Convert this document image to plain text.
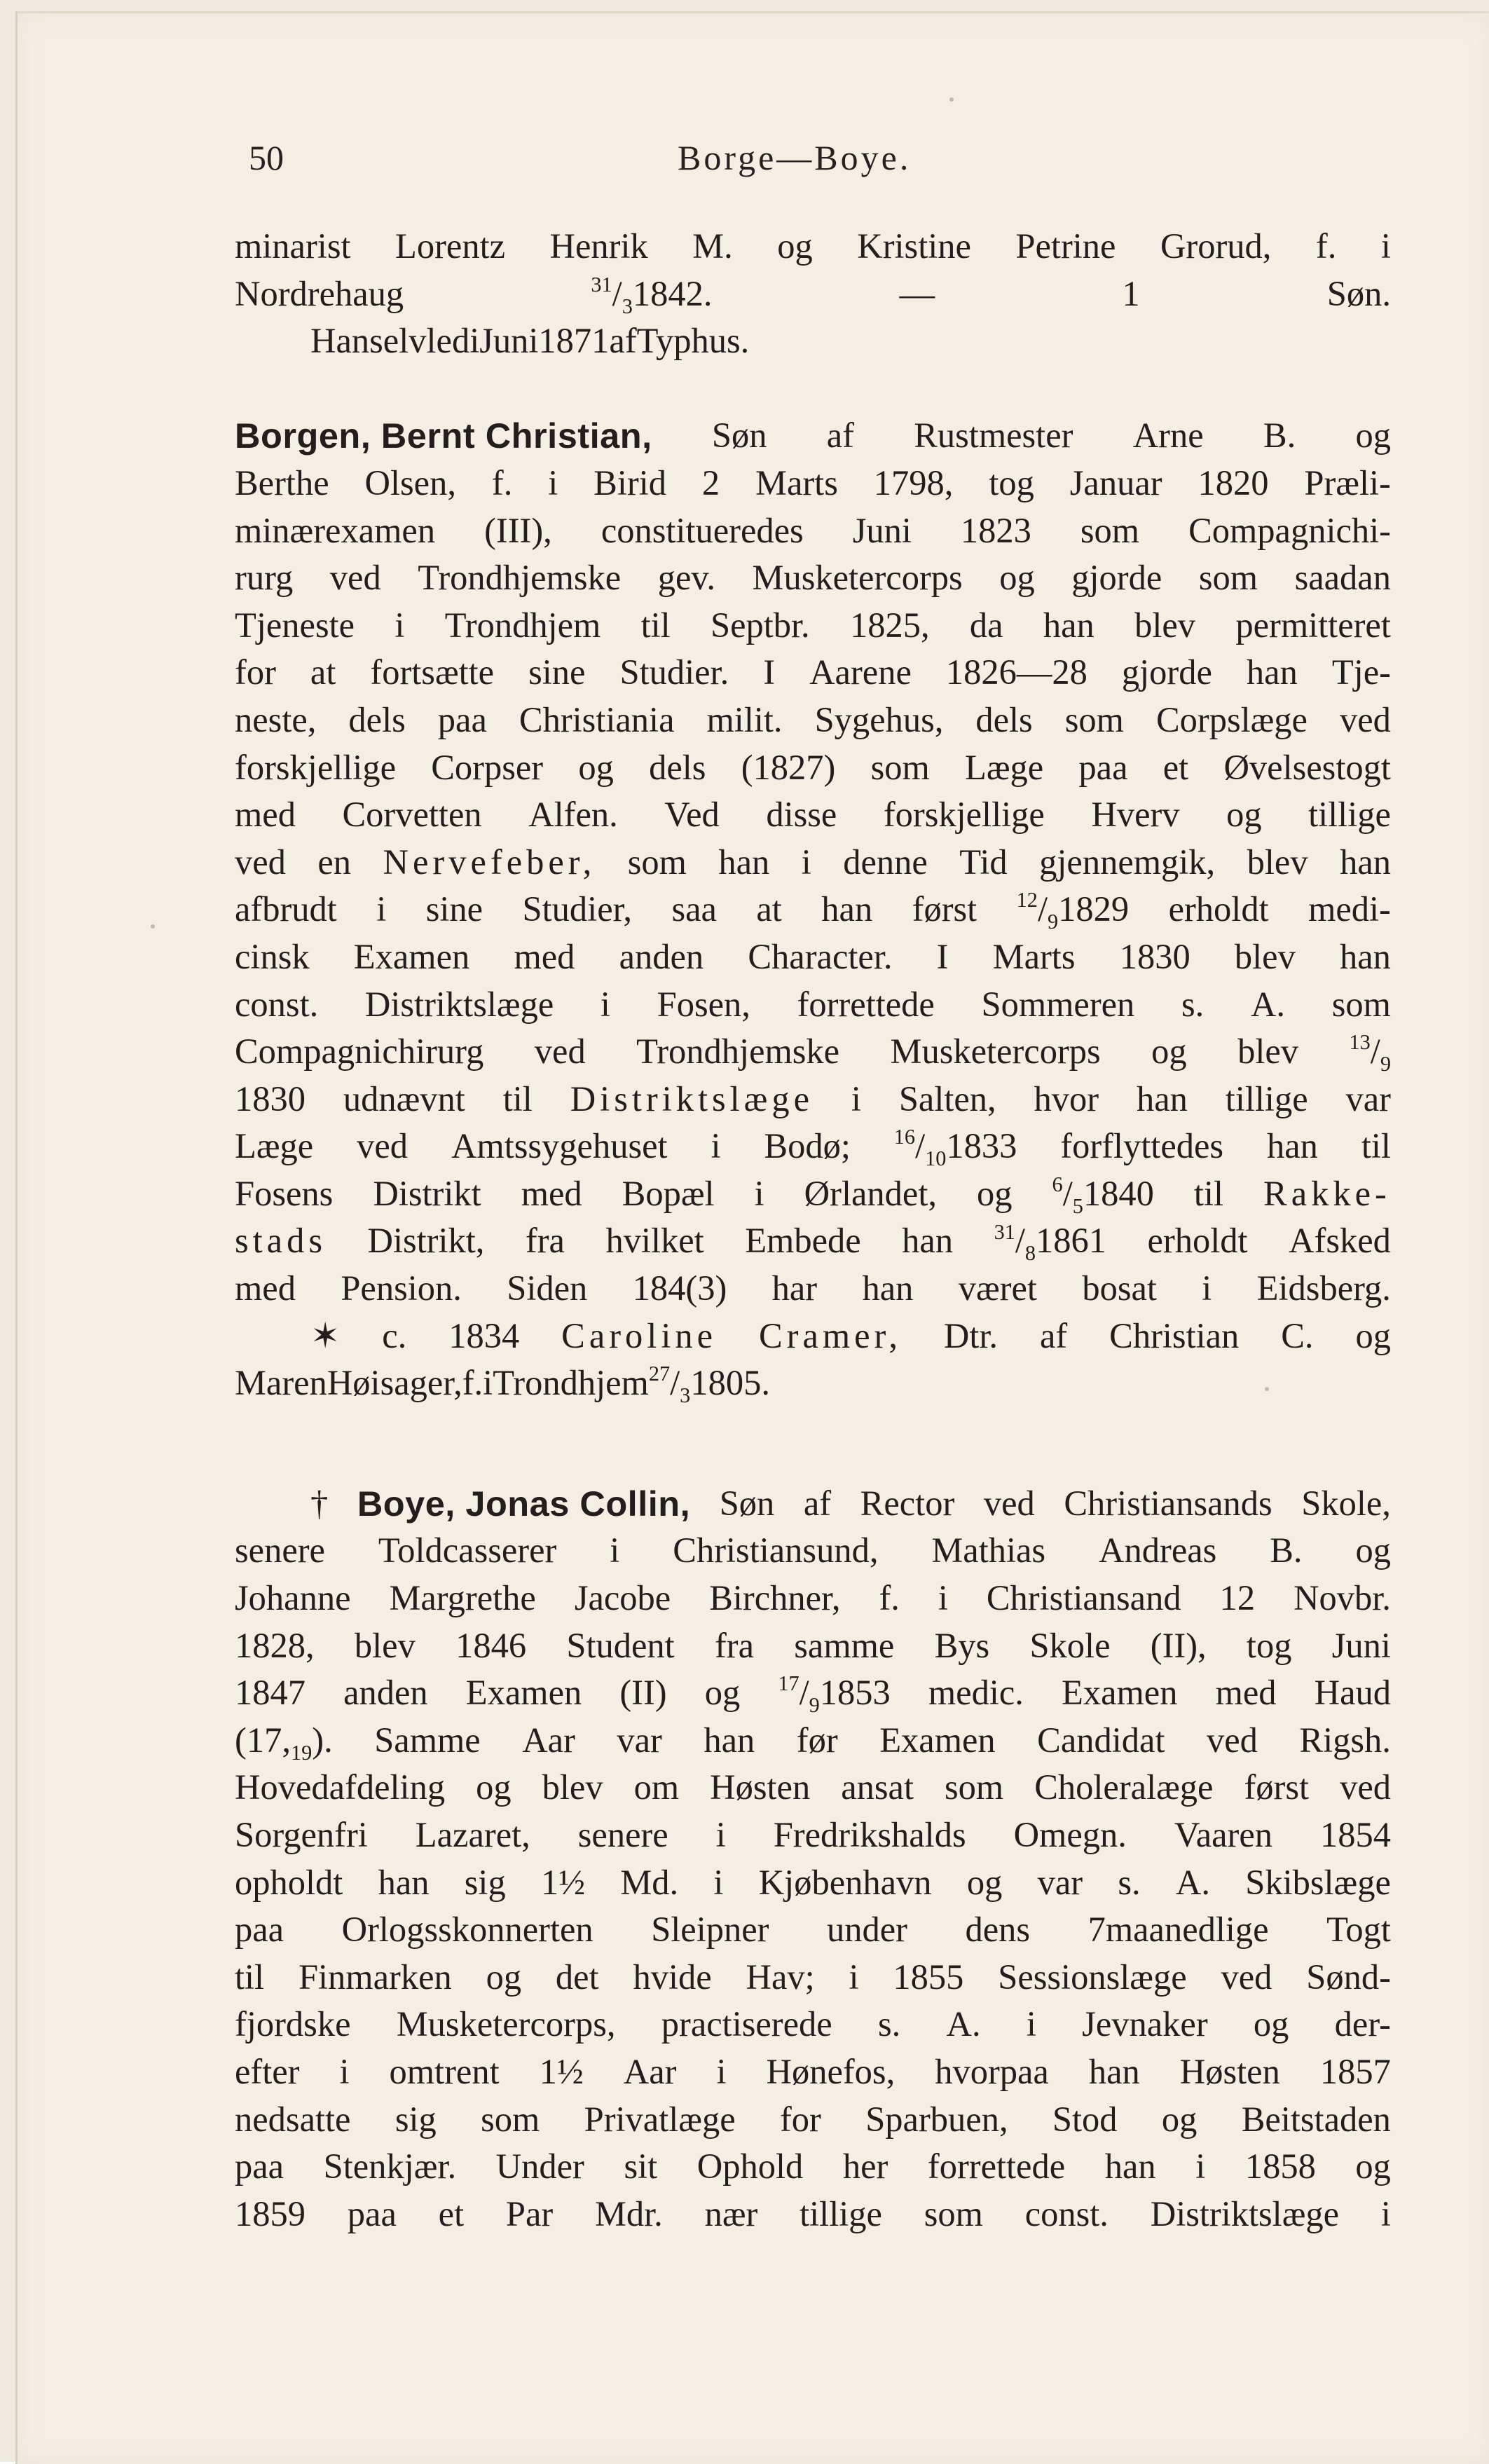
50	Borge—Boye.
minarist Lorentz Henrik M. og Kristine Petrine Grorud, f. i
Nordrehaug	$^{31}/_31842$.	—	1	Søn.
Han selv led i Juni 1871 af Typhus.
Borgen, Bernt Christian, Søn af Rustmester Arne B. og
Berthe Olsen, f. i Birid 2 Marts 1798, tog Januar 1820 Præli-
minærexamen (III), constitueredes Juni 1823 som Compagnichi-
rurg ved Trondhjemske gev. Musketercorps og gjorde som saadan
Tjeneste i Trondhjem til Septbr. 1825, da han blev permitteret
for at fortsætte sine Studier. I Aarene 1826—28 gjorde han Tje-
neste, dels paa Christiania milit. Sygehus, dels som Corpslæge ved
forskjellige Corpser og dels (1827) som Læge paa et Øvelsestogt
med Corvetten Alfen. Ved disse forskjellige Hverv og tillige
ved en Nervefeber, som han i denne Tid gjennemgik, blev han
afbrudt i sine Studier, saa at han først $^{12}/_91829$ erholdt medi-
cinsk Examen med anden Character. I Marts 1830 blev han
const. Distriktslæge i Fosen, forrettede Sommeren s. A. som
Compagnichirurg ved Trondhjemske Musketercorps og blev $^{13}/_9$
1830 udnævnt til Distriktslæge i Salten, hvor han tillige var
Læge ved Amtssygehuset i Bodø; $^{16}/_{10}1833$ forflyttedes han til
Fosens Distrikt med Bopæl i Ørlandet, og $^6/_51840$ til Rakke-
stads Distrikt, fra hvilket Embede han $^{31}/_81861$ erholdt Afsked
med Pension. Siden 184(3) har han været bosat i Eidsberg.
✶ c. 1834 Caroline Cramer, Dtr. af Christian C. og
Maren Høisager, f. i Trondhjem $^{27}/_31805$.
† Boye, Jonas Collin, Søn af Rector ved Christiansands Skole,
senere Toldcasserer i Christiansund, Mathias Andreas B. og
Johanne Margrethe Jacobe Birchner, f. i Christiansand 12 Novbr.
1828, blev 1846 Student fra samme Bys Skole (II), tog Juni
1847 anden Examen (II) og $^{17}/_91853$ medic. Examen med Haud
$(17,_{19})$. Samme Aar var han før Examen Candidat ved Rigsh.
Hovedafdeling og blev om Høsten ansat som Choleralæge først ved
Sorgenfri Lazaret, senere i Fredrikshalds Omegn. Vaaren 1854
opholdt han sig 1½ Md. i Kjøbenhavn og var s. A. Skibslæge
paa Orlogsskonnerten Sleipner under dens 7maanedlige Togt
til Finmarken og det hvide Hav; i 1855 Sessionslæge ved Sønd-
fjordske Musketercorps, practiserede s. A. i Jevnaker og der-
efter i omtrent 1½ Aar i Hønefos, hvorpaa han Høsten 1857
nedsatte sig som Privatlæge for Sparbuen, Stod og Beitstaden
paa Stenkjær. Under sit Ophold her forrettede han i 1858 og
1859 paa et Par Mdr. nær tillige som const. Distriktslæge i
